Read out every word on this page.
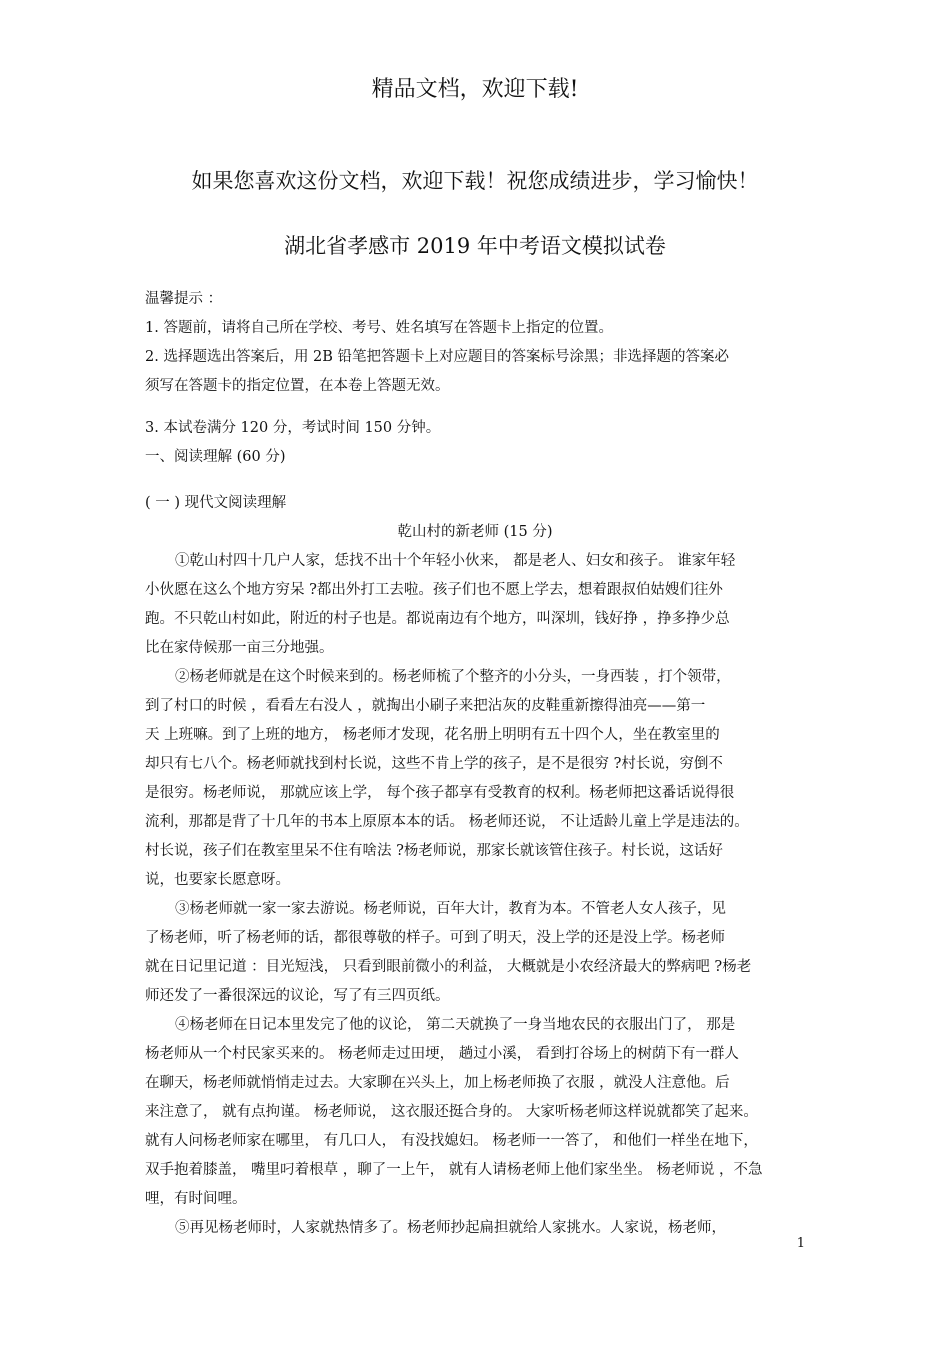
精品文档，欢迎下载!
如果您喜欢这份文档，欢迎下载！祝您成绩进步，学习愉快！
湖北省孝感市 2019 年中考语文模拟试卷
温馨提示 ：
1. 答题前，请将自己所在学校、考号、姓名填写在答题卡上指定的位置。
2. 选择题选出答案后，用 2B 铅笔把答题卡上对应题目的答案标号涂黑；非选择题的答案必
须写在答题卡的指定位置，在本卷上答题无效。
3. 本试卷满分 120 分，考试时间 150 分钟。
一、阅读理解 (60 分)
( 一 ) 现代文阅读理解
乾山村的新老师 (15 分)
①乾山村四十几户人家，恁找不出十个年轻小伙来， 都是老人、妇女和孩子。 谁家年轻
小伙愿在这么个地方穷呆 ?都出外打工去啦。孩子们也不愿上学去，想着跟叔伯姑嫂们往外
跑。不只乾山村如此，附近的村子也是。都说南边有个地方，叫深圳，钱好挣 ，挣多挣少总
比在家侍候那一亩三分地强。
②杨老师就是在这个时候来到的。杨老师梳了个整齐的小分头，一身西装 ，打个领带，
到了村口的时候 ，看看左右没人 ，就掏出小刷子来把沾灰的皮鞋重新擦得油亮——第一
天 上班嘛。到了上班的地方， 杨老师才发现，花名册上明明有五十四个人，坐在教室里的
却只有七八个。杨老师就找到村长说，这些不肯上学的孩子，是不是很穷 ?村长说，穷倒不
是很穷。杨老师说， 那就应该上学， 每个孩子都享有受教育的权利。杨老师把这番话说得很
流利，那都是背了十几年的书本上原原本本的话。 杨老师还说， 不让适龄儿童上学是违法的。
村长说，孩子们在教室里呆不住有啥法 ?杨老师说，那家长就该管住孩子。村长说，这话好
说，也要家长愿意呀。
③杨老师就一家一家去游说。杨老师说，百年大计，教育为本。不管老人女人孩子，见
了杨老师，听了杨老师的话，都很尊敬的样子。可到了明天，没上学的还是没上学。杨老师
就在日记里记道 ：目光短浅， 只看到眼前微小的利益， 大概就是小农经济最大的弊病吧 ?杨老
师还发了一番很深远的议论，写了有三四页纸。
④杨老师在日记本里发完了他的议论， 第二天就换了一身当地农民的衣服出门了， 那是
杨老师从一个村民家买来的。 杨老师走过田埂， 趟过小溪， 看到打谷场上的树荫下有一群人
在聊天，杨老师就悄悄走过去。大家聊在兴头上，加上杨老师换了衣服 ，就没人注意他。后
来注意了， 就有点拘谨。 杨老师说， 这衣服还挺合身的。 大家听杨老师这样说就都笑了起来。
就有人问杨老师家在哪里， 有几口人， 有没找媳妇。 杨老师一一答了， 和他们一样坐在地下，
双手抱着膝盖， 嘴里叼着根草 ，聊了一上午， 就有人请杨老师上他们家坐坐。 杨老师说 ，不急
哩，有时间哩。
⑤再见杨老师时，人家就热情多了。杨老师抄起扁担就给人家挑水。人家说，杨老师，
1
